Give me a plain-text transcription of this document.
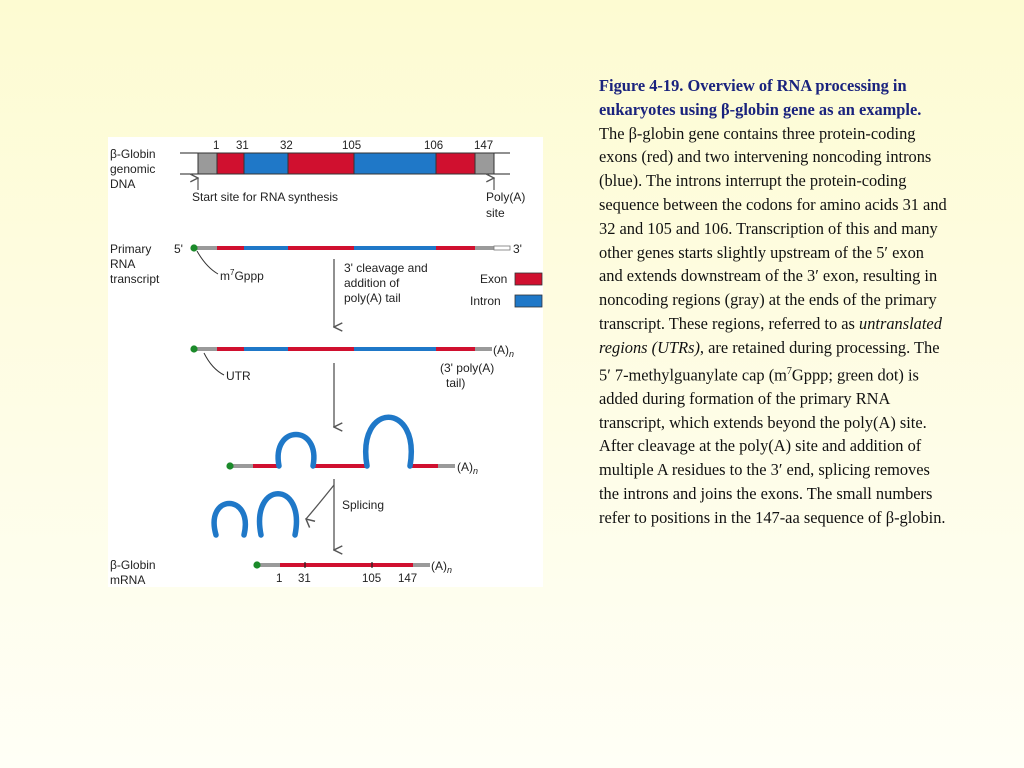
β-Globin
genomic
DNA
1 31	32	105	106	147
Start site for RNA synthesis	Poly(A)
site
Primary
RNA
transcript
5'	3'
$m^7Gppp$
3' cleavage and
addition of
poly(A) tail
Exon
Intron
$(A)_n$
UTR
(3' poly(A)
tail)
$(A)_n$
Splicing
β-Globin
mRNA
$(A)_n$
1 31	105 147
Figure 4-19. Overview of RNA processing in eukaryotes using β-globin gene as an example. The β-globin gene contains three protein-coding exons (red) and two intervening noncoding introns (blue). The introns interrupt the protein-coding sequence between the codons for amino acids 31 and 32 and 105 and 106. Transcription of this and many other genes starts slightly upstream of the 5′ exon and extends downstream of the 3′ exon, resulting in noncoding regions (gray) at the ends of the primary transcript. These regions, referred to as untranslated regions (UTRs), are retained during processing. The 5′ 7-methylguanylate cap ($m^7Gppp$; green dot) is added during formation of the primary RNA transcript, which extends beyond the poly(A) site. After cleavage at the poly(A) site and addition of multiple A residues to the 3′ end, splicing removes the introns and joins the exons. The small numbers refer to positions in the 147-aa sequence of β-globin.
